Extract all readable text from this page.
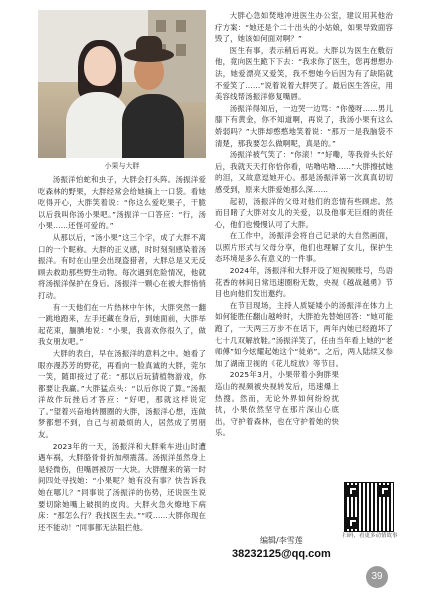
小果与大胖

汤振洋怕蛇和虫子，大胖会打头阵。汤振洋爱吃森林的野果，大胖经常会给她摘上一口袋。看她吃得开心，大胖笑着说：“你这么爱吃果子，干脆以后我叫你汤小果吧。”汤振洋一口答应：“行，汤小果……还怪可爱的。”

从那以后，“汤小果”这三个字，成了大胖不离口的一个昵称。大胖的正义感，时时刻刻感染着汤振洋。有时在山里会出现盗猎者，大胖总是又无反顾去救助那些野生动物。每次遇到危险情况，他就将汤振洋保护在身后。汤振洋一颗心在被大胖悄悄打动。

有一天他们在一片热林中午休，大胖突然一翻一跳地跑来，左手还藏在身后，到她面前，大胖举起花束，腼腆地说：“小果，我喜欢你很久了，做我女朋友吧。”

大胖的表白，早在汤振洋的意料之中。她看了眼亦漫苏芳的野花，再看向一脸真诚的大胖，莞尔一笑，随即接过了花：“那以后玩猜植物游戏，你都要让我赢。”大胖猛点头：“以后你说了算。”汤振洋故作玩挫后才答应：“好吧，那就这样说定了。”望着兴奋地转圈圈的大胖，汤振洋心想，连做梦都想不到，自己与初最烦的人，居然成了男朋友。

2023年的一天，汤振洋和大胖乘车进山时遭遇车祸，大胖胳骨骨折加颅震荡。汤振洋虽然身上是轻微伤，但嘴唇被厉一大块。大胖醒来的第一时间四处寻找她：“小果呢？她有没有事？快告诉我她在哪儿？”同事说了汤振洋的伤势，还说医生说要切除她嘴上破损的皮肉。大胖火急火燎地下病床：“那怎么行？我找医生去。”“哎……大胖你现在还不能动！”同事都无法阻拦他。

大胖心急如焚地冲进医生办公室，建议用其他治疗方案：“她还是个二十出头的小姑娘，如果导致面容毁了，她该如何面对啊？”

医生有事，表示稍后再说。大胖以为医生在敷衍他，竟向医生跪下下去：“我求你了医生，您再想想办法，她爱漂亮又爱笑，我不想她今后因为有了缺陷就不爱笑了……”说着说着大胖哭了。最后医生答应，用美容线帮汤振洋修复嘴唇。

汤振洋得知后，一边哭一边骂：“你傻呀……男儿膝下有黄金，你不知道啊，再说了，我汤小果有这么娇弱吗？”大胖却憨憨地笑着说：“那万一是我脑袋不清楚，那我要怎么做啊呢，真是的。”

汤振洋被气笑了：“你滚！”“好嘞，等我骨头长好后，我就天天打你恰你看，咕噜咕噜……”大胖擦拭她的泪，又故意逗她开心。那是汤振洋第一次真真切切感受到，原来大胖爱她那么深……

起初，汤振洋的父母对他们的恋情有些顾虑。然而目睹了大胖对女儿的关爱，以及他事无巨细的责任心，他们也慢慢认可了大胖。

在工作中，汤振洋会将自己记录的大自然画面，以照片形式与父母分享，他们也理解了女儿，保护生态环境是多么有意义的一件事。

2024年，汤振洋和大胖开设了短视频账号，鸟语花香的林间日常迅速圈粉无数，央视《越战越勇》节目也向他们发出邀约。

在节目现场，主持人质疑矮小的汤振洋在体力上如何能胜任翻山越岭时，大胖抢先替她回答：“她可能跑了，一天两三万步不在话下，两年内她已经跑坏了七十几双解放鞋。”汤振洋笑了，任由当年看上她的“老师傅”如今炫耀起她这个“徒弟”。之后，两人陆续又参加了湖南卫视的《花儿绽放》等节目。

2025年3月，小果带着小狗胖果巡山的视频被央视转发后，迅速爆上热搜。然而，无论外界如何纷纷扰扰，小果依然坚守在那片深山心底出，守护着森林，也在守护着她的快乐。

扫码，看更多动情故事
编辑/李雪莲
38232125@qq.com
39
